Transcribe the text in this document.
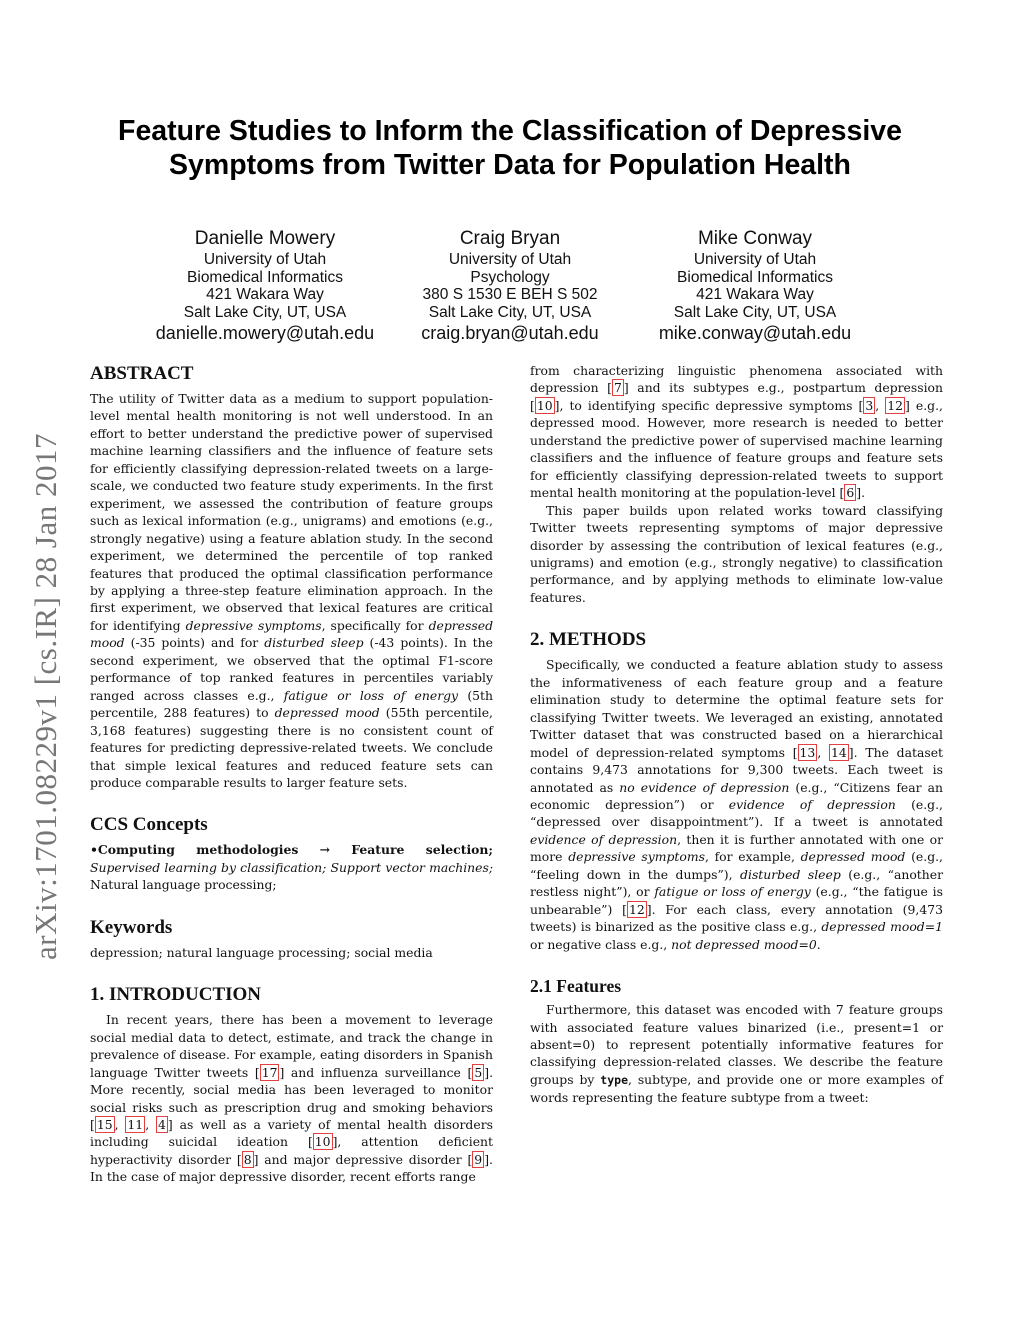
arXiv:1701.08229v1 [cs.IR] 28 Jan 2017
Feature Studies to Inform the Classification of Depressive
Symptoms from Twitter Data for Population Health
Danielle Mowery
University of Utah
Biomedical Informatics
421 Wakara Way
Salt Lake City, UT, USA
danielle.mowery@utah.edu
Craig Bryan
University of Utah
Psychology
380 S 1530 E BEH S 502
Salt Lake City, UT, USA
craig.bryan@utah.edu
Mike Conway
University of Utah
Biomedical Informatics
421 Wakara Way
Salt Lake City, UT, USA
mike.conway@utah.edu
ABSTRACT

The utility of Twitter data as a medium to support population-level mental health monitoring is not well understood. In an effort to better understand the predictive power of supervised machine learning classifiers and the influence of feature sets for efficiently classifying depression-related tweets on a large-scale, we conducted two feature study experiments. In the first experiment, we assessed the contribution of feature groups such as lexical information (e.g., unigrams) and emotions (e.g., strongly negative) using a feature ablation study. In the second experiment, we determined the percentile of top ranked features that produced the optimal classification performance by applying a three-step feature elimination approach. In the first experiment, we observed that lexical features are critical for identifying depressive symptoms, specifically for depressed mood (-35 points) and for disturbed sleep (-43 points). In the second experiment, we observed that the optimal F1-score performance of top ranked features in percentiles variably ranged across classes e.g., fatigue or loss of energy (5th percentile, 288 features) to depressed mood (55th percentile, 3,168 features) suggesting there is no consistent count of features for predicting depressive-related tweets. We conclude that simple lexical features and reduced feature sets can produce comparable results to larger feature sets.

CCS Concepts

•Computing methodologies → Feature selection; Supervised learning by classification; Support vector machines; Natural language processing;

Keywords

depression; natural language processing; social media

1. INTRODUCTION

In recent years, there has been a movement to leverage social medial data to detect, estimate, and track the change in prevalence of disease. For example, eating disorders in Spanish language Twitter tweets [ 17 ] and influenza surveillance [ 5 ]. More recently, social media has been leveraged to monitor social risks such as prescription drug and smoking behaviors [ 15 , 11 , 4 ] as well as a variety of mental health disorders including suicidal ideation [ 10 ], attention deficient hyperactivity disorder [ 8 ] and major depressive disorder [ 9 ]. In the case of major depressive disorder, recent efforts range

from characterizing linguistic phenomena associated with depression [ 7 ] and its subtypes e.g., postpartum depression [ 10 ], to identifying specific depressive symptoms [ 3 , 12 ] e.g., depressed mood. However, more research is needed to better understand the predictive power of supervised machine learning classifiers and the influence of feature groups and feature sets for efficiently classifying depression-related tweets to support mental health monitoring at the population-level [ 6 ].

This paper builds upon related works toward classifying Twitter tweets representing symptoms of major depressive disorder by assessing the contribution of lexical features (e.g., unigrams) and emotion (e.g., strongly negative) to classification performance, and by applying methods to eliminate low-value features.

2. METHODS

Specifically, we conducted a feature ablation study to assess the informativeness of each feature group and a feature elimination study to determine the optimal feature sets for classifying Twitter tweets. We leveraged an existing, annotated Twitter dataset that was constructed based on a hierarchical model of depression-related symptoms [ 13 , 14 ]. The dataset contains 9,473 annotations for 9,300 tweets. Each tweet is annotated as no evidence of depression (e.g., “Citizens fear an economic depression”) or evidence of depression (e.g., “depressed over disappointment”). If a tweet is annotated evidence of depression, then it is further annotated with one or more depressive symptoms, for example, depressed mood (e.g., “feeling down in the dumps”), disturbed sleep (e.g., “another restless night”), or fatigue or loss of energy (e.g., “the fatigue is unbearable”) [ 12 ]. For each class, every annotation (9,473 tweets) is binarized as the positive class e.g., depressed mood=1 or negative class e.g., not depressed mood=0.

2.1 Features

Furthermore, this dataset was encoded with 7 feature groups with associated feature values binarized (i.e., present=1 or absent=0) to represent potentially informative features for classifying depression-related classes. We describe the feature groups by type, subtype, and provide one or more examples of words representing the feature subtype from a tweet:
